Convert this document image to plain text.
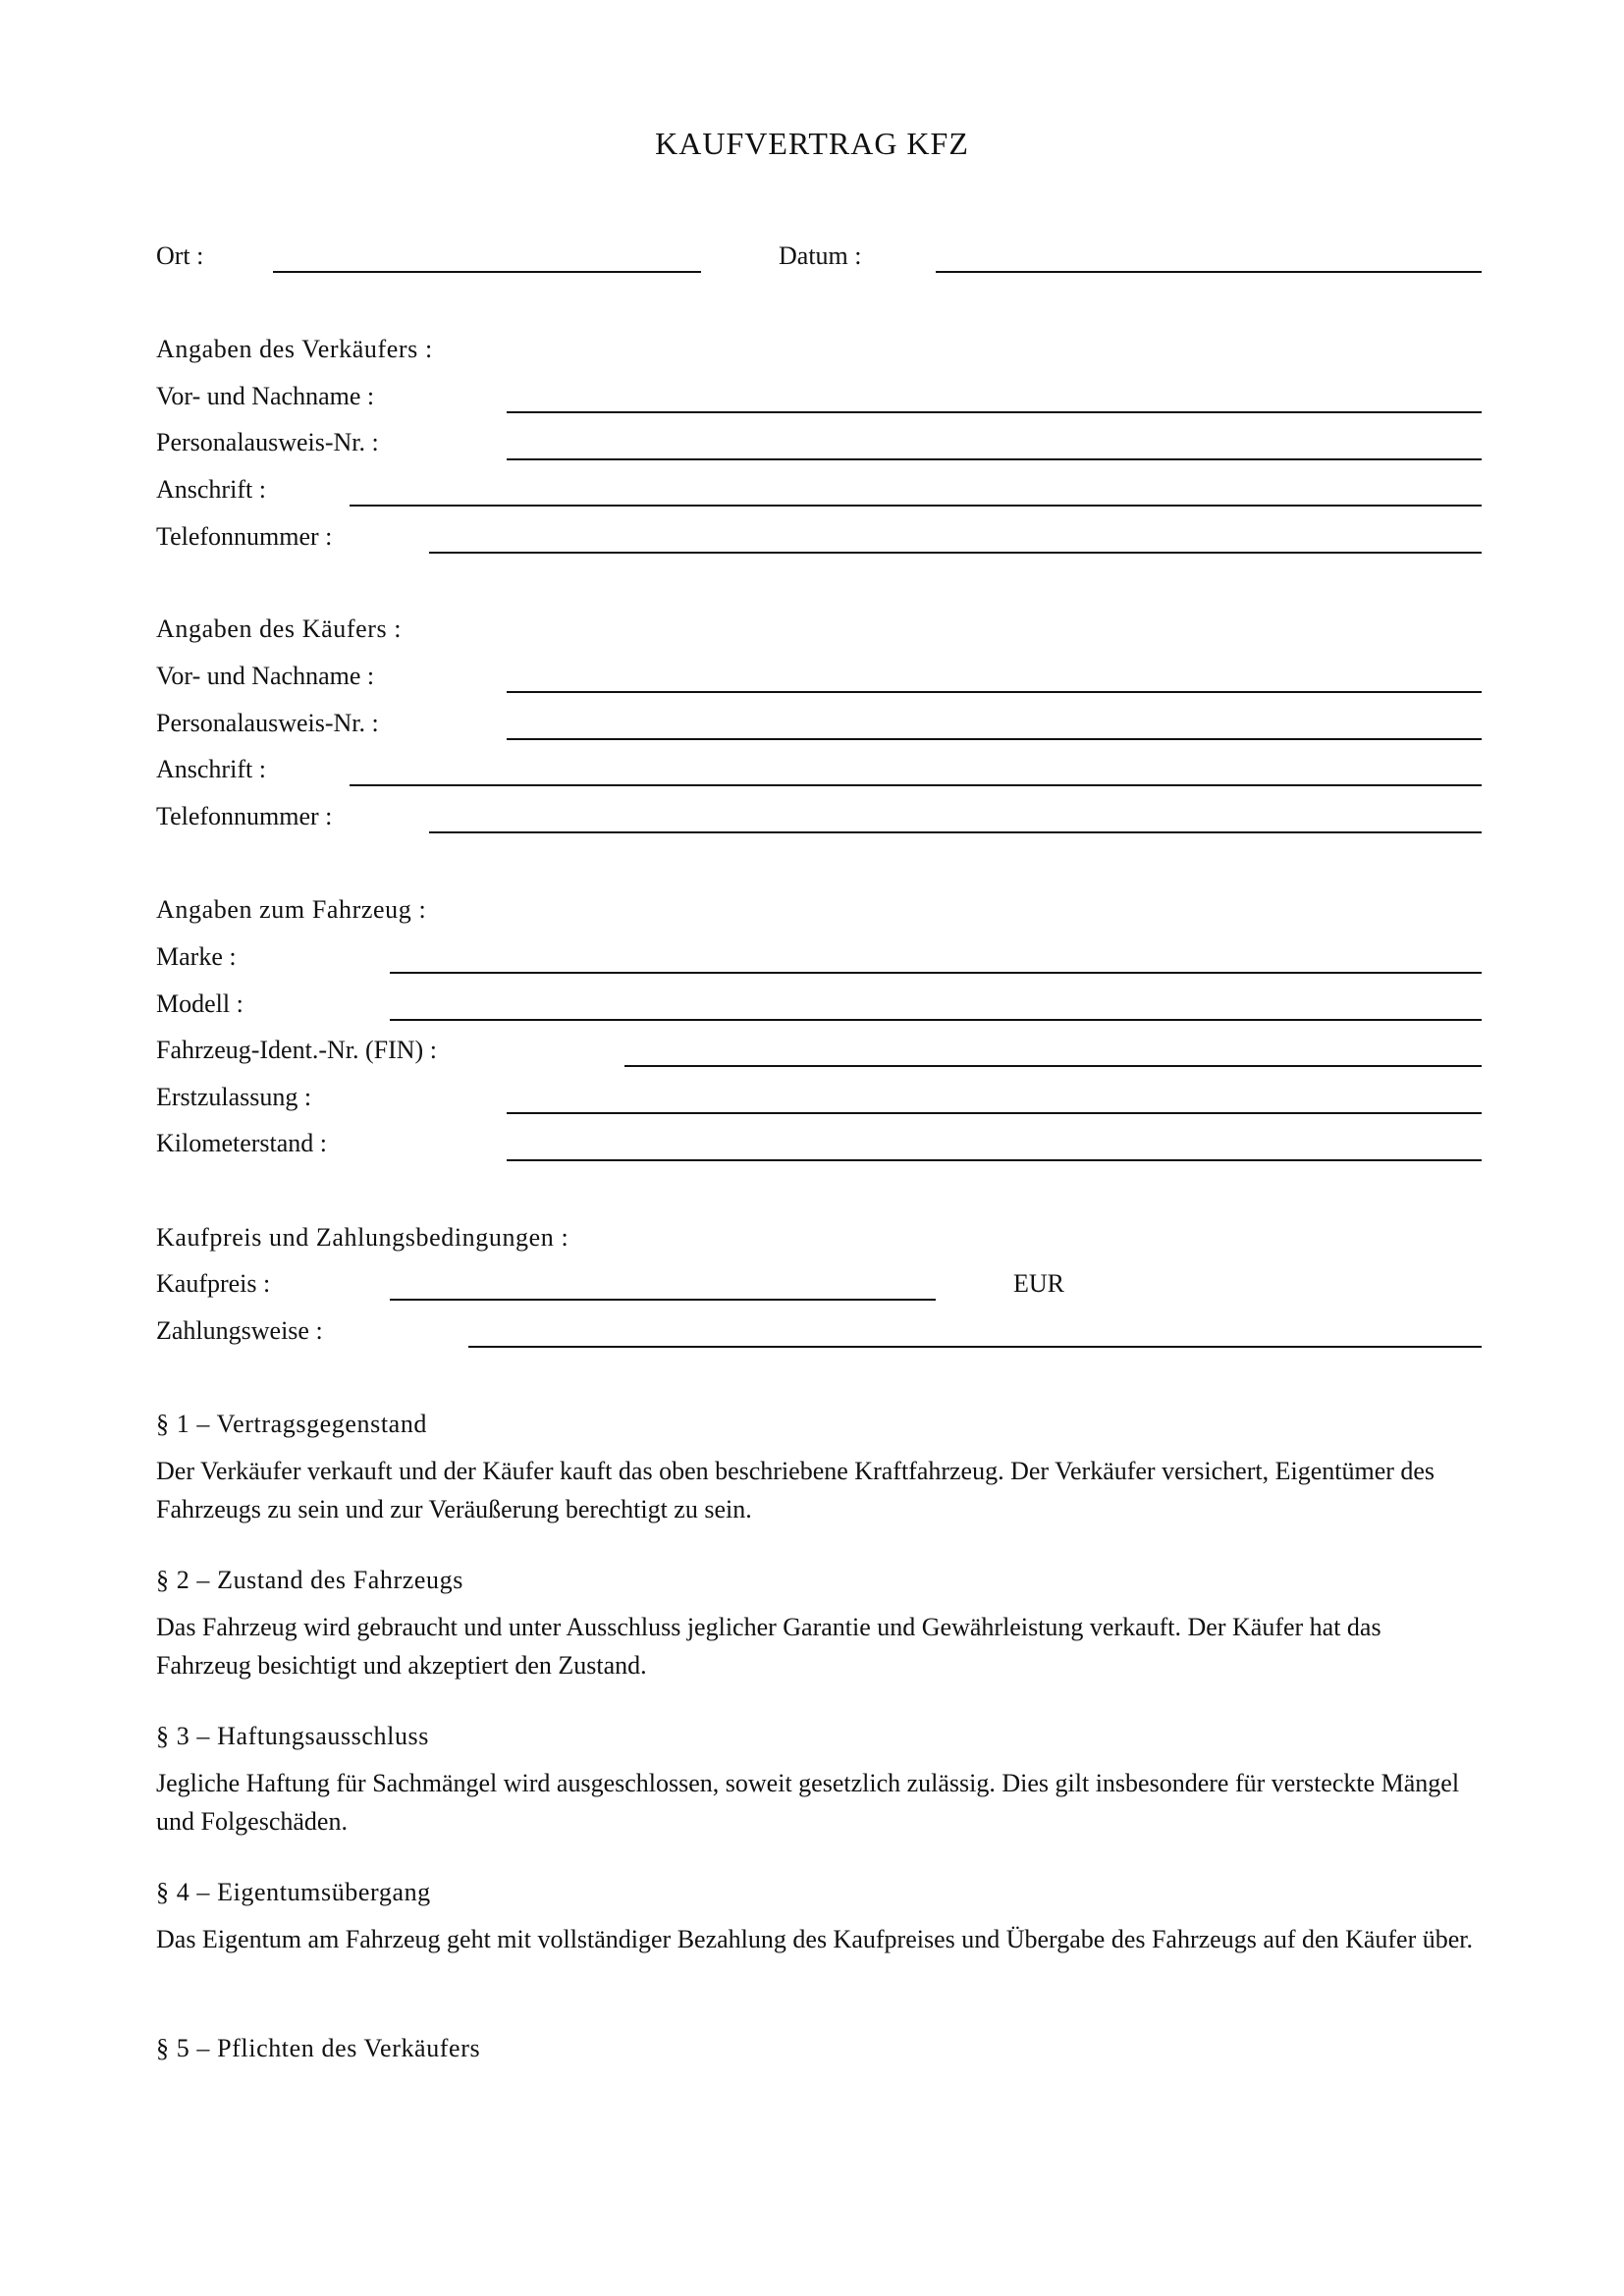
KAUFVERTRAG KFZ
Ort :	Datum :
Angaben des Verkäufers :
Vor- und Nachname :
Personalausweis-Nr. :
Anschrift :
Telefonnummer :
Angaben des Käufers :
Vor- und Nachname :
Personalausweis-Nr. :
Anschrift :
Telefonnummer :
Angaben zum Fahrzeug :
Marke :
Modell :
Fahrzeug-Ident.-Nr. (FIN) :
Erstzulassung :
Kilometerstand :
Kaufpreis und Zahlungsbedingungen :
Kaufpreis :	EUR
Zahlungsweise :
§ 1 – Vertragsgegenstand
Der Verkäufer verkauft und der Käufer kauft das oben beschriebene Kraftfahrzeug. Der Verkäufer versichert, Eigentümer des Fahrzeugs zu sein und zur Veräußerung berechtigt zu sein.
§ 2 – Zustand des Fahrzeugs
Das Fahrzeug wird gebraucht und unter Ausschluss jeglicher Garantie und Gewährleistung verkauft. Der Käufer hat das Fahrzeug besichtigt und akzeptiert den Zustand.
§ 3 – Haftungsausschluss
Jegliche Haftung für Sachmängel wird ausgeschlossen, soweit gesetzlich zulässig. Dies gilt insbesondere für versteckte Mängel und Folgeschäden.
§ 4 – Eigentumsübergang
Das Eigentum am Fahrzeug geht mit vollständiger Bezahlung des Kaufpreises und Übergabe des Fahrzeugs auf den Käufer über.
§ 5 – Pflichten des Verkäufers
